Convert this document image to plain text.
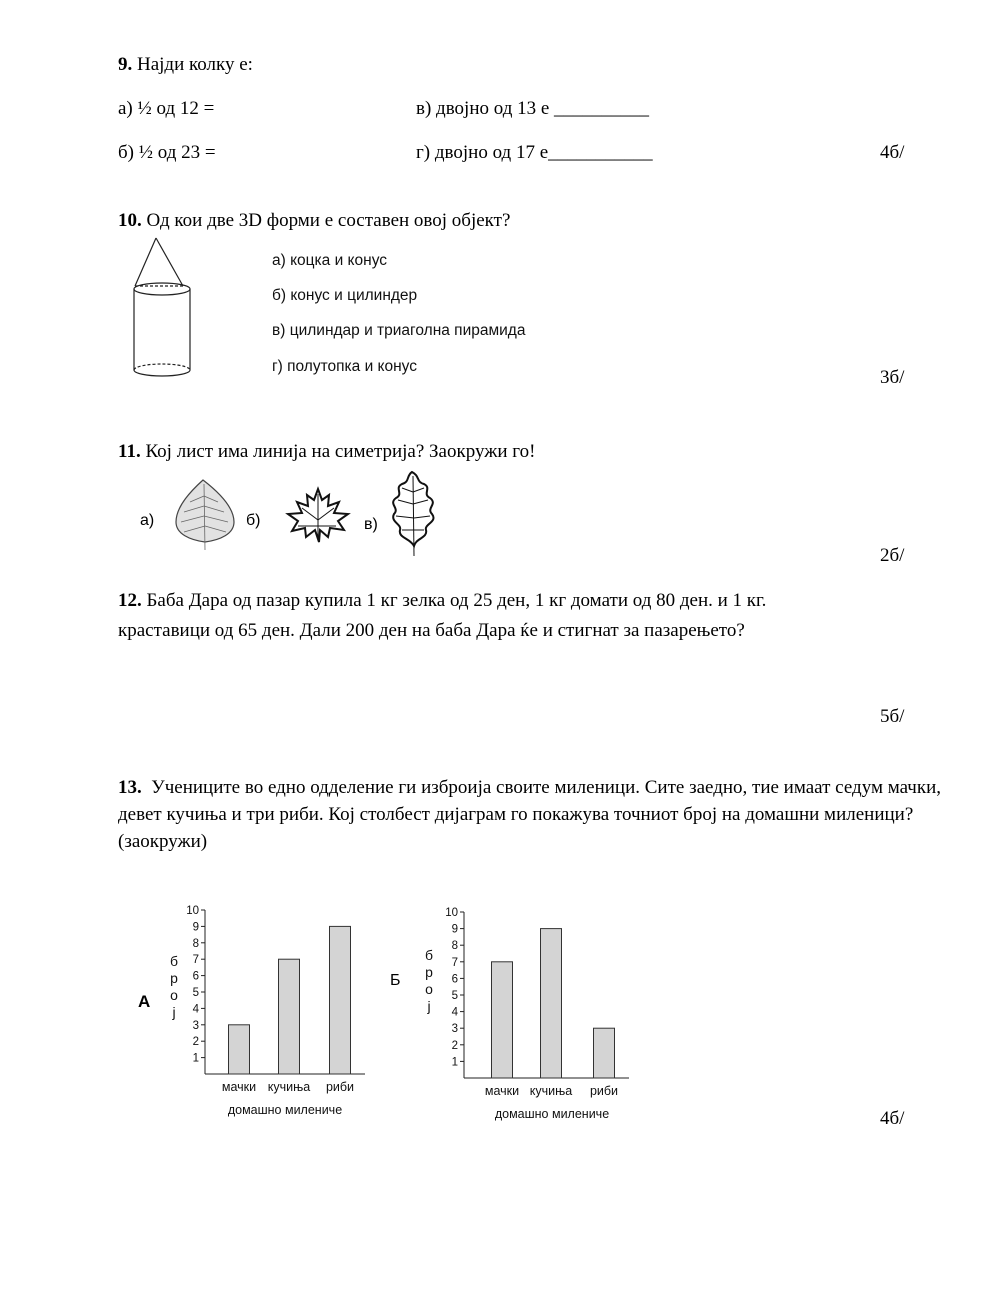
9. Најди колку е:
а) ½ од 12 =	в) двојно од 13 е __________
б) ½ од 23 =	г) двојно од 17 е___________	4б/
10. Од кои две 3D форми е составен овој објект?
а) коцка и конус
б) конус и цилиндер
в) цилиндар и триаголна пирамида
г) полутопка и конус
3б/
11. Кој лист има линија на симетрија? Заокружи го!
а)	б)	в)
2б/
12. Баба Дара од пазар купила 1 кг зелка од 25 ден, 1 кг домати од 80 ден. и 1 кг.
краставици од 65 ден. Дали 200 ден на баба Дара ќе и стигнат за пазарењето?
5б/
13. Учениците во едно одделение ги изброија своите миленици. Сите заедно, тие имаат седум мачки, девет кучиња и три риби. Кој столбест дијаграм го покажува точниот број на домашни миленици? (заокружи)
А
1
2
3
4
5
6
7
8
9
10
б
р
о
ј
мачки кучиња риби
домашно милениче
Б
1
2
3
4
5
6
7
8
9
10
б
р
о
ј
мачки кучиња риби
домашно милениче	4б/
